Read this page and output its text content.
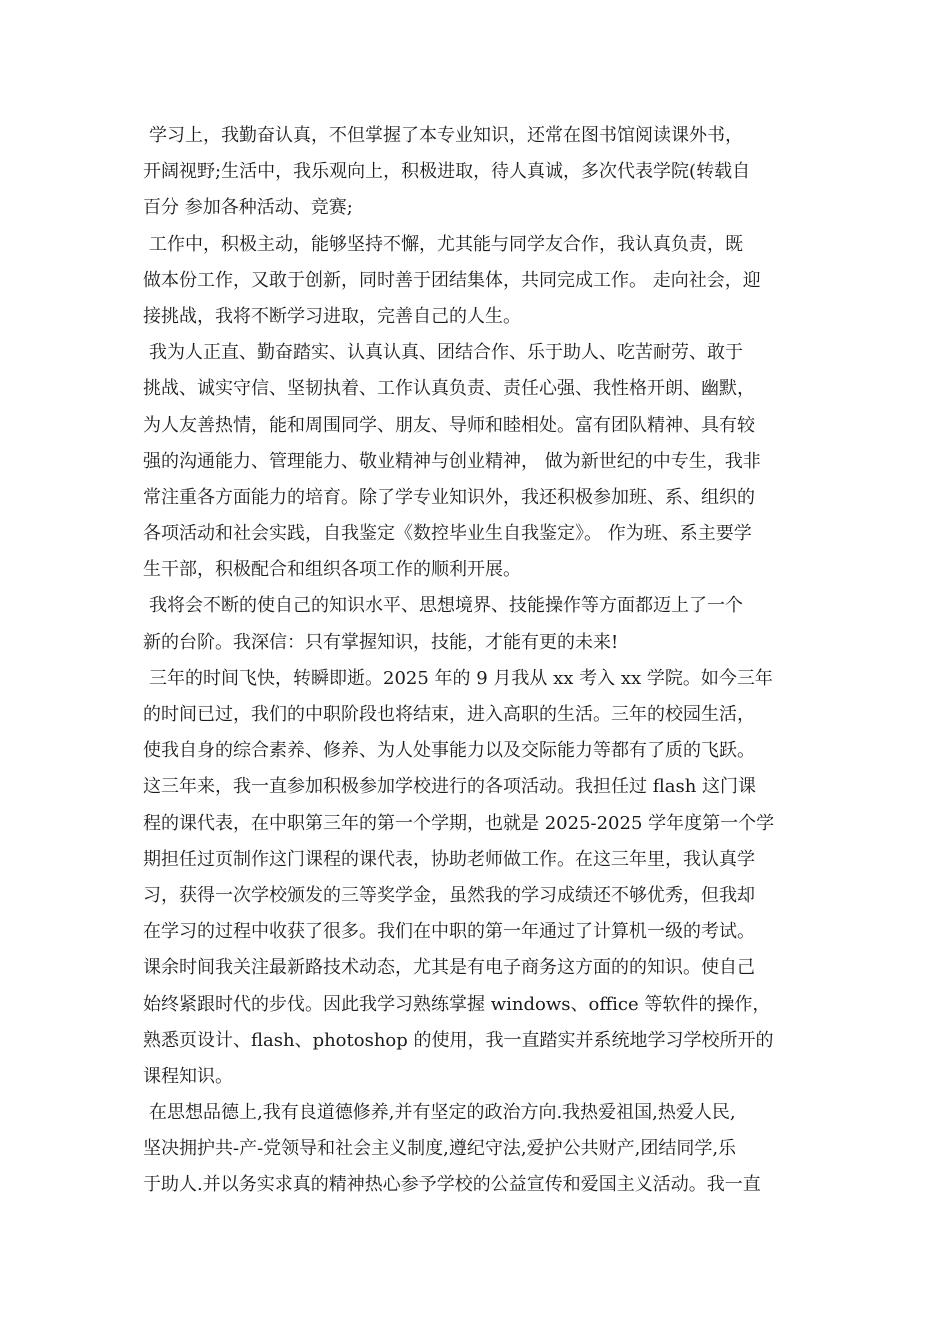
学习上，我勤奋认真，不但掌握了本专业知识，还常在图书馆阅读课外书，
开阔视野;生活中，我乐观向上，积极进取，待人真诚，多次代表学院(转载自
百分 参加各种活动、竞赛;

工作中，积极主动，能够坚持不懈，尤其能与同学友合作，我认真负责，既
做本份工作，又敢于创新，同时善于团结集体，共同完成工作。 走向社会，迎
接挑战，我将不断学习进取，完善自己的人生。

我为人正直、勤奋踏实、认真认真、团结合作、乐于助人、吃苦耐劳、敢于
挑战、诚实守信、坚韧执着、工作认真负责、责任心强、我性格开朗、幽默，
为人友善热情，能和周围同学、朋友、导师和睦相处。富有团队精神、具有较
强的沟通能力、管理能力、敬业精神与创业精神， 做为新世纪的中专生，我非
常注重各方面能力的培育。除了学专业知识外，我还积极参加班、系、组织的
各项活动和社会实践，自我鉴定《数控毕业生自我鉴定》。 作为班、系主要学
生干部，积极配合和组织各项工作的顺利开展。

我将会不断的使自己的知识水平、思想境界、技能操作等方面都迈上了一个
新的台阶。我深信：只有掌握知识，技能，才能有更的未来!

三年的时间飞快，转瞬即逝。2025 年的 9 月我从 xx 考入 xx 学院。如今三年
的时间已过，我们的中职阶段也将结束，进入高职的生活。三年的校园生活，
使我自身的综合素养、修养、为人处事能力以及交际能力等都有了质的飞跃。
这三年来，我一直参加积极参加学校进行的各项活动。我担任过 flash 这门课
程的课代表，在中职第三年的第一个学期，也就是 2025-2025 学年度第一个学
期担任过页制作这门课程的课代表，协助老师做工作。在这三年里，我认真学
习，获得一次学校颁发的三等奖学金，虽然我的学习成绩还不够优秀，但我却
在学习的过程中收获了很多。我们在中职的第一年通过了计算机一级的考试。
课余时间我关注最新路技术动态，尤其是有电子商务这方面的的知识。使自己
始终紧跟时代的步伐。因此我学习熟练掌握 windows、office 等软件的操作，
熟悉页设计、flash、photoshop 的使用，我一直踏实并系统地学习学校所开的
课程知识。

在思想品德上,我有良道德修养,并有坚定的政治方向.我热爱祖国,热爱人民,
坚决拥护共-产-党领导和社会主义制度,遵纪守法,爱护公共财产,团结同学,乐
于助人.并以务实求真的精神热心参予学校的公益宣传和爱国主义活动。我一直
